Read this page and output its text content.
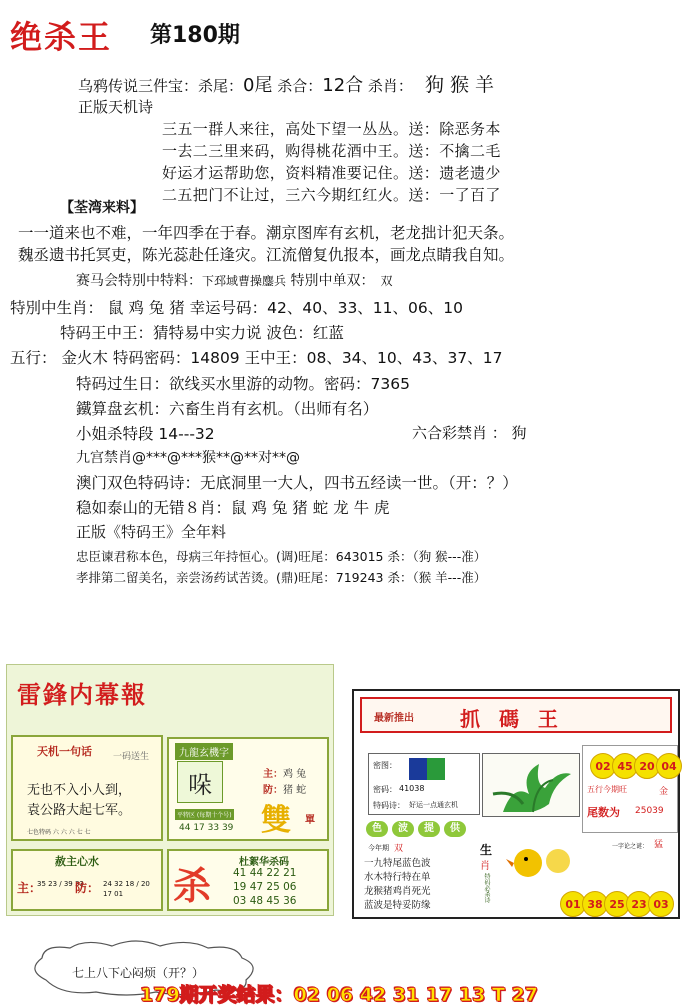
绝杀王 第180期
乌鸦传说三件宝：杀尾：0尾 杀合：12合 杀肖： 狗 猴 羊
正版天机诗
三五一群人来往，高处下望一丛丛。送：除恶务本
一去二三里来码，购得桃花酒中王。送：不擒二毛
好运才运帮助您，资料精准要记住。送：遗老遗少
二五把门不让过，三六今期红红火。送：一了百了
【荃湾来料】
一一道来也不难，一年四季在于春。潮京图库有玄机，老龙拙计犯天条。
魏丞遗书托冥吏，陈光蕊赴任逢灾。江流僧复仇报本，画龙点睛我自知。
赛马会特別中特料：下邳域曹操鏖兵 特別中单双： 双
特別中生肖： 鼠 鸡 兔 猪 幸运号码：42、40、33、11、06、10
特码王中王：猜特易中实力说 波色：红蓝
五行： 金火木 特码密码：14809 王中王：08、34、10、43、37、17
特码过生日：欲线买水里游的动物。密码：7365
鐵算盘玄机：六畜生肖有玄机。（出师有名）
小姐杀特段 14---32	六合彩禁肖 ： 狗
九宫禁肖@***@***猴**@**对**@
澳门双色特码诗：无底洞里一大人，四书五经读一世。（开：？）
稳如泰山的无错８肖：鼠 鸡 兔 猪 蛇 龙 牛 虎
正版《特码王》全年料
忠臣谏君称本色，母病三年持恒心。(调)旺尾：643015 杀：（狗 猴---准）
孝排第二留美名，亲尝汤药试苦烫。(鼎)旺尾：719243 杀：（猴 羊---准）
雷鋒内幕報
天机一句话 一码送生
无也不入小人到，
袁公路大起七军。
七色特码 六 六 六 七 七
九龍玄機字
哚	主：鸡 兔
防：猪 蛇
平特区 (每期十个号)
44 17 33 39 雙 單
赦主心水
主：
35 23 / 39 33
防： 24 32 18 / 20 17 01	杀
杜絮华杀码
41 44 22 21
19 47 25 06
03 48 45 36
最新推出 抓 碼 王
密图：
密码： 41038
特码诗： 好运一点通玄机
五行今期旺	金
尾数为 25039
02 45 20 04
色	波	提	供
今年期 双	生
肖
特码必杀诗
一九特尾蓝色波
水木特行特在单
龙猴猪鸡肖死光
蓝波是特妥防缘
一字论之谜： 猛
01 38 25 23 03
七上八下心闷烦（开？）
179期开奖结果：02 06 42 31 17 13 T 27
